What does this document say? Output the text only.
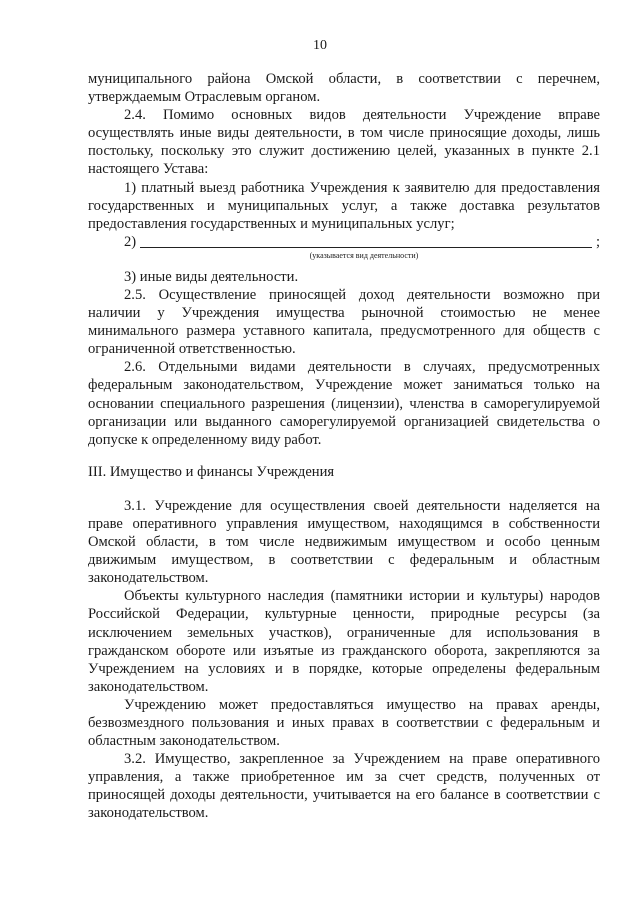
10

муниципального района Омской области, в соответствии с перечнем, утверждаемым Отраслевым органом.

2.4. Помимо основных видов деятельности Учреждение вправе осуществлять иные виды деятельности, в том числе приносящие доходы, лишь постольку, поскольку это служит достижению целей, указанных в пункте 2.1 настоящего Устава:

1) платный выезд работника Учреждения к заявителю для предоставления государственных и муниципальных услуг, а также доставка результатов предоставления государственных и муниципальных услуг;

2)	;
(указывается вид деятельности)

3) иные виды деятельности.

2.5. Осуществление приносящей доход деятельности возможно при наличии у Учреждения имущества рыночной стоимостью не менее минимального размера уставного капитала, предусмотренного для обществ с ограниченной ответственностью.

2.6. Отдельными видами деятельности в случаях, предусмотренных федеральным законодательством, Учреждение может заниматься только на основании специального разрешения (лицензии), членства в саморегулируемой организации или выданного саморегулируемой организацией свидетельства о допуске к определенному виду работ.

III. Имущество и финансы Учреждения

3.1. Учреждение для осуществления своей деятельности наделяется на праве оперативного управления имуществом, находящимся в собственности Омской области, в том числе недвижимым имуществом и особо ценным движимым имуществом, в соответствии с федеральным и областным законодательством.

Объекты культурного наследия (памятники истории и культуры) народов Российской Федерации, культурные ценности, природные ресурсы (за исключением земельных участков), ограниченные для использования в гражданском обороте или изъятые из гражданского оборота, закрепляются за Учреждением на условиях и в порядке, которые определены федеральным законодательством.

Учреждению может предоставляться имущество на правах аренды, безвозмездного пользования и иных правах в соответствии с федеральным и областным законодательством.

3.2. Имущество, закрепленное за Учреждением на праве оперативного управления, а также приобретенное им за счет средств, полученных от приносящей доходы деятельности, учитывается на его балансе в соответствии с законодательством.
